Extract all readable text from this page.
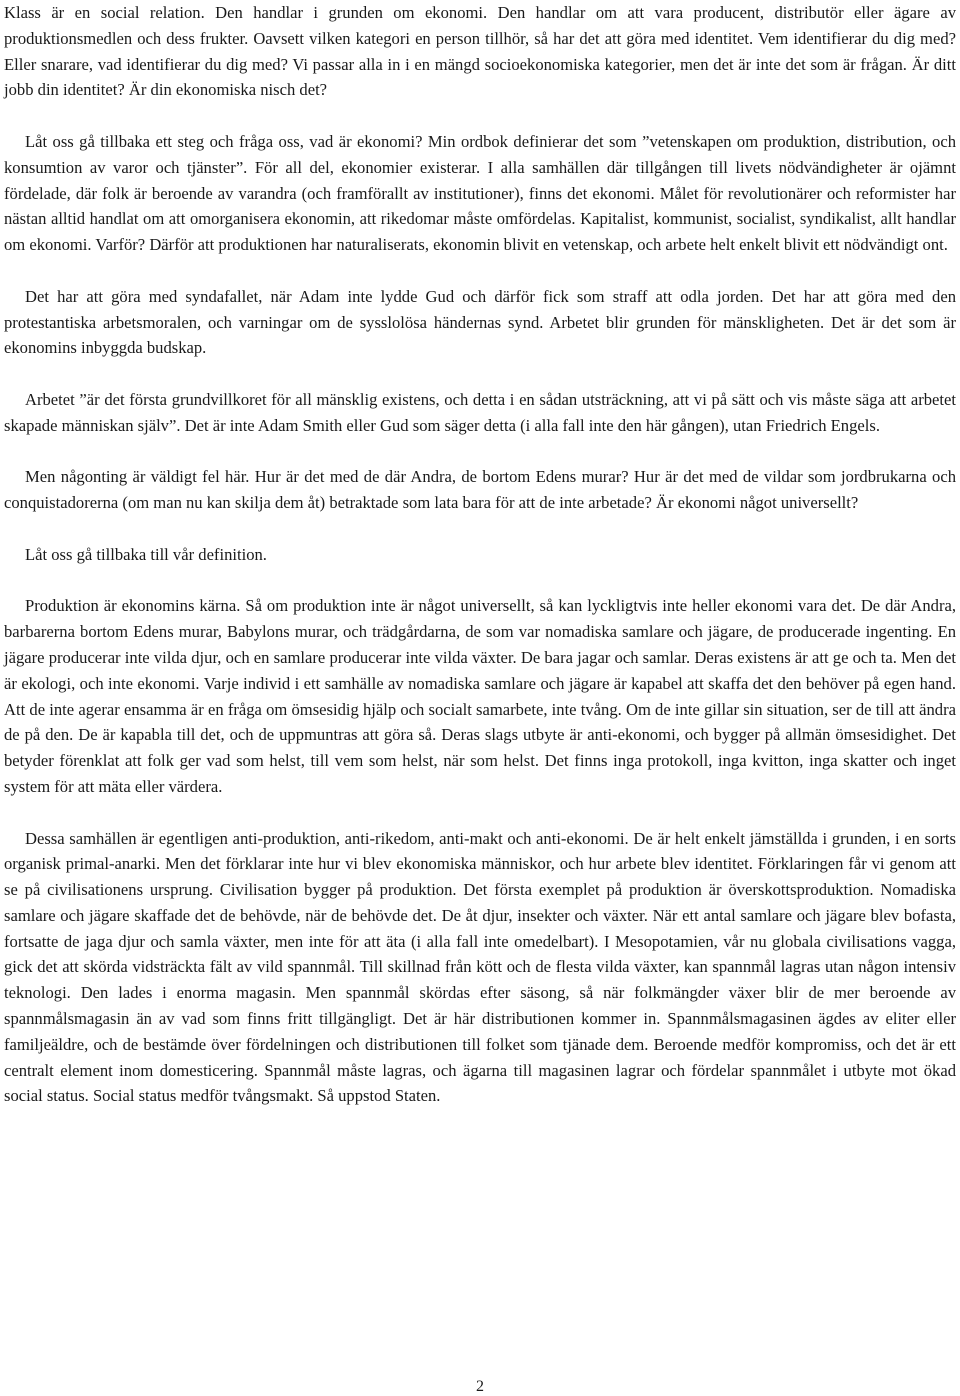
Klass är en social relation. Den handlar i grunden om ekonomi. Den handlar om att vara producent, distributör eller ägare av produktionsmedlen och dess frukter. Oavsett vilken kategori en person tillhör, så har det att göra med identitet. Vem identifierar du dig med? Eller snarare, vad identifierar du dig med? Vi passar alla in i en mängd socioekonomiska kategorier, men det är inte det som är frågan. Är ditt jobb din identitet? Är din ekonomiska nisch det?

Låt oss gå tillbaka ett steg och fråga oss, vad är ekonomi? Min ordbok definierar det som ”vetenskapen om produktion, distribution, och konsumtion av varor och tjänster”. För all del, ekonomier existerar. I alla samhällen där tillgången till livets nödvändigheter är ojämnt fördelade, där folk är beroende av varandra (och framförallt av institutioner), finns det ekonomi. Målet för revolutionärer och reformister har nästan alltid handlat om att omorganisera ekonomin, att rikedomar måste omfördelas. Kapitalist, kommunist, socialist, syndikalist, allt handlar om ekonomi. Varför? Därför att produktionen har naturaliserats, ekonomin blivit en vetenskap, och arbete helt enkelt blivit ett nödvändigt ont.

Det har att göra med syndafallet, när Adam inte lydde Gud och därför fick som straff att odla jorden. Det har att göra med den protestantiska arbetsmoralen, och varningar om de sysslolösa händernas synd. Arbetet blir grunden för mänskligheten. Det är det som är ekonomins inbyggda budskap.

Arbetet ”är det första grundvillkoret för all mänsklig existens, och detta i en sådan utsträckning, att vi på sätt och vis måste säga att arbetet skapade människan själv”. Det är inte Adam Smith eller Gud som säger detta (i alla fall inte den här gången), utan Friedrich Engels.

Men någonting är väldigt fel här. Hur är det med de där Andra, de bortom Edens murar? Hur är det med de vildar som jordbrukarna och conquistadorerna (om man nu kan skilja dem åt) betraktade som lata bara för att de inte arbetade? Är ekonomi något universellt?

Låt oss gå tillbaka till vår definition.

Produktion är ekonomins kärna. Så om produktion inte är något universellt, så kan lyckligtvis inte heller ekonomi vara det. De där Andra, barbarerna bortom Edens murar, Babylons murar, och trädgårdarna, de som var nomadiska samlare och jägare, de producerade ingenting. En jägare producerar inte vilda djur, och en samlare producerar inte vilda växter. De bara jagar och samlar. Deras existens är att ge och ta. Men det är ekologi, och inte ekonomi. Varje individ i ett samhälle av nomadiska samlare och jägare är kapabel att skaffa det den behöver på egen hand. Att de inte agerar ensamma är en fråga om ömsesidig hjälp och socialt samarbete, inte tvång. Om de inte gillar sin situation, ser de till att ändra de på den. De är kapabla till det, och de uppmuntras att göra så. Deras slags utbyte är anti-ekonomi, och bygger på allmän ömsesidighet. Det betyder förenklat att folk ger vad som helst, till vem som helst, när som helst. Det finns inga protokoll, inga kvitton, inga skatter och inget system för att mäta eller värdera.

Dessa samhällen är egentligen anti-produktion, anti-rikedom, anti-makt och anti-ekonomi. De är helt enkelt jämställda i grunden, i en sorts organisk primal-anarki. Men det förklarar inte hur vi blev ekonomiska människor, och hur arbete blev identitet. Förklaringen får vi genom att se på civilisationens ursprung. Civilisation bygger på produktion. Det första exemplet på produktion är överskottsproduktion. Nomadiska samlare och jägare skaffade det de behövde, när de behövde det. De åt djur, insekter och växter. När ett antal samlare och jägare blev bofasta, fortsatte de jaga djur och samla växter, men inte för att äta (i alla fall inte omedelbart). I Mesopotamien, vår nu globala civilisations vagga, gick det att skörda vidsträckta fält av vild spannmål. Till skillnad från kött och de flesta vilda växter, kan spannmål lagras utan någon intensiv teknologi. Den lades i enorma magasin. Men spannmål skördas efter säsong, så när folkmängder växer blir de mer beroende av spannmålsmagasin än av vad som finns fritt tillgängligt. Det är här distributionen kommer in. Spannmålsmagasinen ägdes av eliter eller familjeäldre, och de bestämde över fördelningen och distributionen till folket som tjänade dem. Beroende medför kompromiss, och det är ett centralt element inom domesticering. Spannmål måste lagras, och ägarna till magasinen lagrar och fördelar spannmålet i utbyte mot ökad social status. Social status medför tvångsmakt. Så uppstod Staten.

2
